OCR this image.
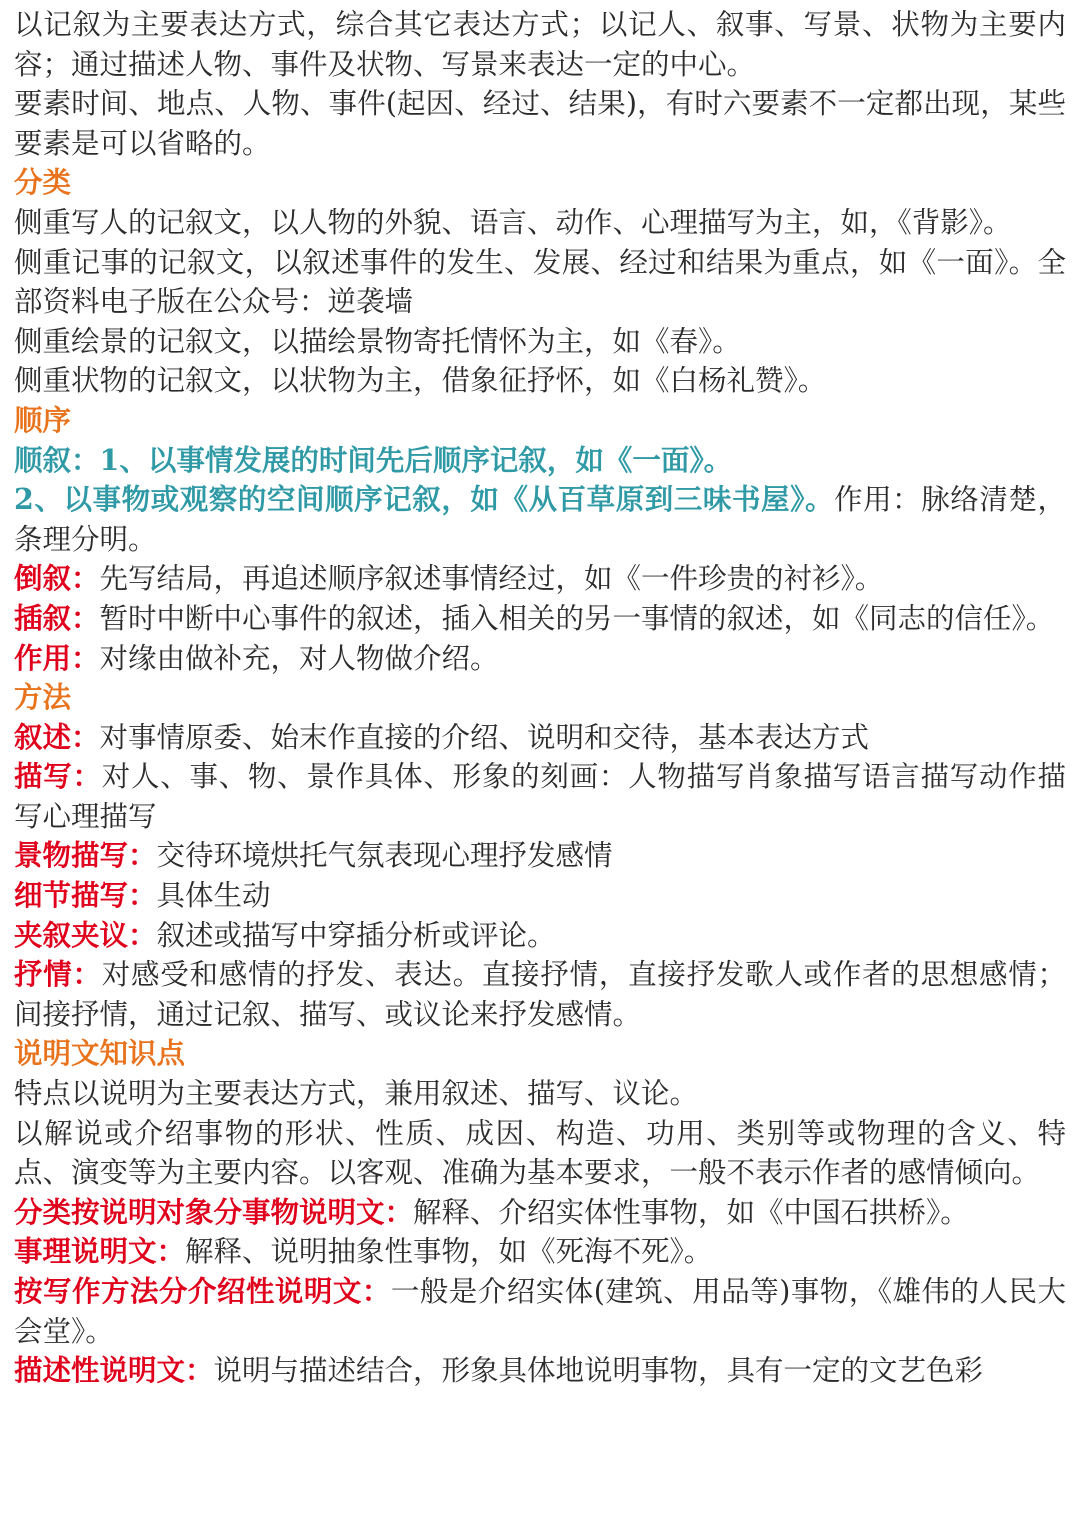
以记叙为主要表达方式，综合其它表达方式；以记人、叙事、写景、状物为主要内容；通过描述人物、事件及状物、写景来表达一定的中心。

要素时间、地点、人物、事件(起因、经过、结果)，有时六要素不一定都出现，某些要素是可以省略的。

分类

侧重写人的记叙文，以人物的外貌、语言、动作、心理描写为主，如，《背影》。

侧重记事的记叙文，以叙述事件的发生、发展、经过和结果为重点，如《一面》。全部资料电子版在公众号：逆袭墙

侧重绘景的记叙文，以描绘景物寄托情怀为主，如《春》。

侧重状物的记叙文，以状物为主，借象征抒怀，如《白杨礼赞》。

顺序

顺叙：1、以事情发展的时间先后顺序记叙，如《一面》。

2、以事物或观察的空间顺序记叙，如《从百草原到三味书屋》。作用：脉络清楚，条理分明。

倒叙：先写结局，再追述顺序叙述事情经过，如《一件珍贵的衬衫》。

插叙：暂时中断中心事件的叙述，插入相关的另一事情的叙述，如《同志的信任》。

作用：对缘由做补充，对人物做介绍。

方法

叙述：对事情原委、始末作直接的介绍、说明和交待，基本表达方式

描写：对人、事、物、景作具体、形象的刻画：人物描写肖象描写语言描写动作描写心理描写

景物描写：交待环境烘托气氛表现心理抒发感情

细节描写：具体生动

夹叙夹议：叙述或描写中穿插分析或评论。

抒情：对感受和感情的抒发、表达。直接抒情，直接抒发歌人或作者的思想感情；间接抒情，通过记叙、描写、或议论来抒发感情。

说明文知识点

特点以说明为主要表达方式，兼用叙述、描写、议论。

以解说或介绍事物的形状、性质、成因、构造、功用、类别等或物理的含义、特点、演变等为主要内容。以客观、准确为基本要求，一般不表示作者的感情倾向。

分类按说明对象分事物说明文：解释、介绍实体性事物，如《中国石拱桥》。

事理说明文：解释、说明抽象性事物，如《死海不死》。

按写作方法分介绍性说明文：一般是介绍实体(建筑、用品等)事物，《雄伟的人民大会堂》。

描述性说明文：说明与描述结合，形象具体地说明事物，具有一定的文艺色彩
